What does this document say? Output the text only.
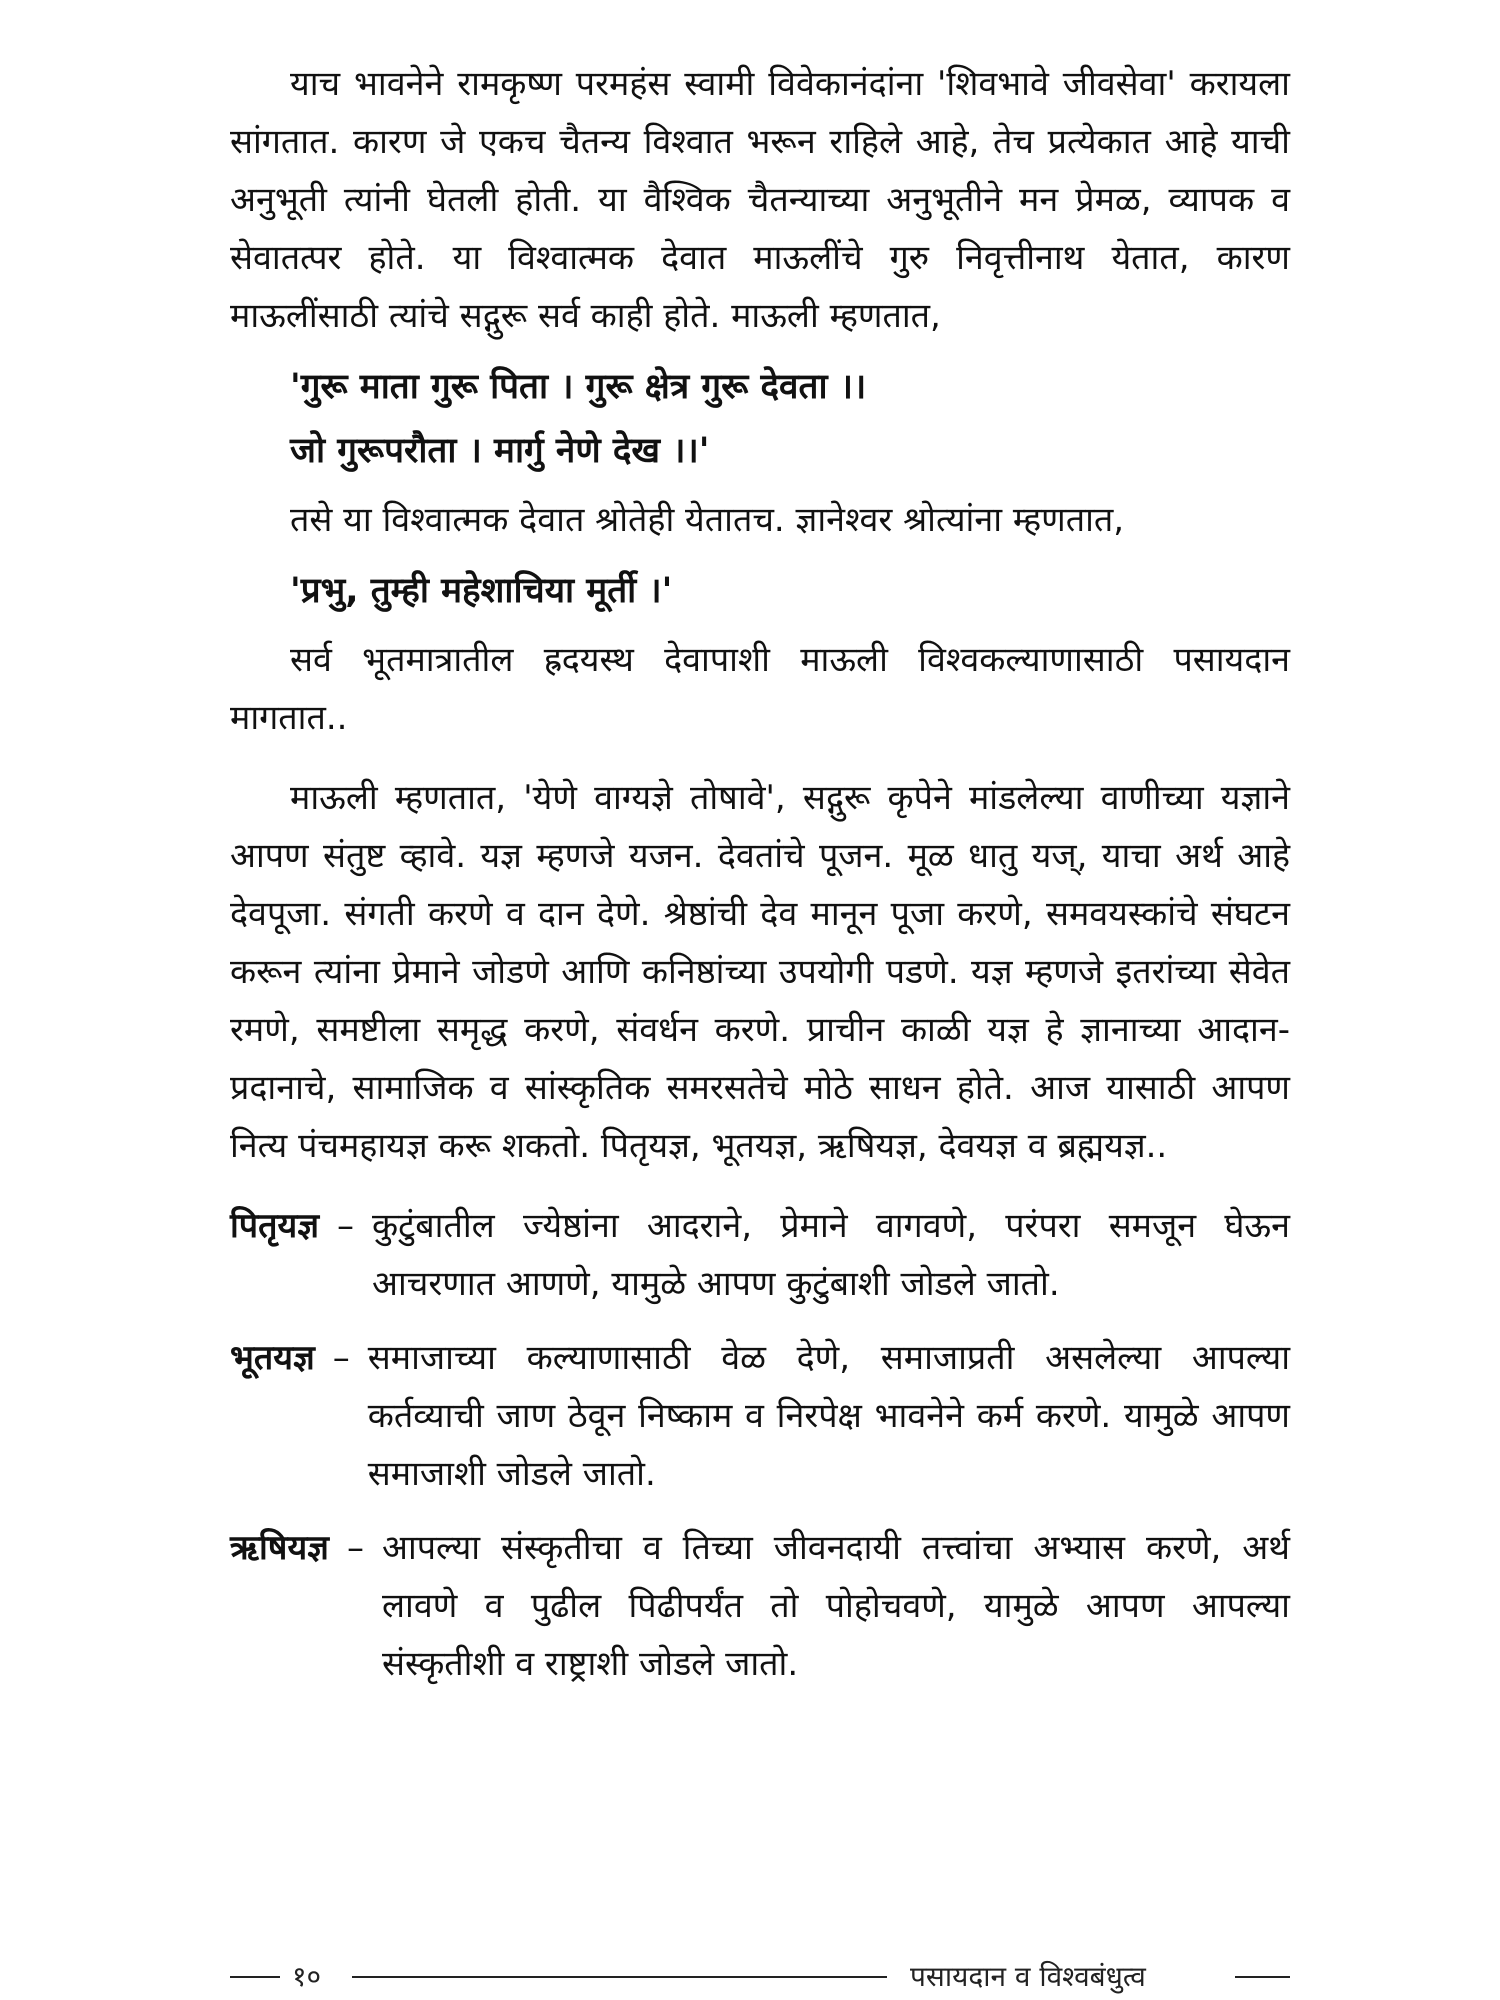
याच भावनेने रामकृष्ण परमहंस स्वामी विवेकानंदांना 'शिवभावे जीवसेवा' करायला सांगतात. कारण जे एकच चैतन्य विश्वात भरून राहिले आहे, तेच प्रत्येकात आहे याची अनुभूती त्यांनी घेतली होती. या वैश्विक चैतन्याच्या अनुभूतीने मन प्रेमळ, व्यापक व सेवातत्पर होते. या विश्वात्मक देवात माऊलींचे गुरु निवृत्तीनाथ येतात, कारण माऊलींसाठी त्यांचे सद्गुरू सर्व काही होते. माऊली म्हणतात,

'गुरू माता गुरू पिता । गुरू क्षेत्र गुरू देवता ।।
जो गुरूपरौता । मार्गु नेणे देख ।।'

तसे या विश्वात्मक देवात श्रोतेही येतातच. ज्ञानेश्वर श्रोत्यांना म्हणतात,

'प्रभु, तुम्ही महेशाचिया मूर्ती ।'

सर्व भूतमात्रातील ह्रदयस्थ देवापाशी माऊली विश्वकल्याणासाठी पसायदान मागतात..

माऊली म्हणतात, 'येणे वाग्यज्ञे तोषावे', सद्गुरू कृपेने मांडलेल्या वाणीच्या यज्ञाने आपण संतुष्ट व्हावे. यज्ञ म्हणजे यजन. देवतांचे पूजन. मूळ धातु यज्, याचा अर्थ आहे देवपूजा. संगती करणे व दान देणे. श्रेष्ठांची देव मानून पूजा करणे, समवयस्कांचे संघटन करून त्यांना प्रेमाने जोडणे आणि कनिष्ठांच्या उपयोगी पडणे. यज्ञ म्हणजे इतरांच्या सेवेत रमणे, समष्टीला समृद्ध करणे, संवर्धन करणे. प्राचीन काळी यज्ञ हे ज्ञानाच्या आदान-प्रदानाचे, सामाजिक व सांस्कृतिक समरसतेचे मोठे साधन होते. आज यासाठी आपण नित्य पंचमहायज्ञ करू शकतो. पितृयज्ञ, भूतयज्ञ, ऋषियज्ञ, देवयज्ञ व ब्रह्मयज्ञ..

पितृयज्ञ – कुटुंबातील ज्येष्ठांना आदराने, प्रेमाने वागवणे, परंपरा समजून घेऊन आचरणात आणणे, यामुळे आपण कुटुंबाशी जोडले जातो.
भूतयज्ञ – समाजाच्या कल्याणासाठी वेळ देणे, समाजाप्रती असलेल्या आपल्या कर्तव्याची जाण ठेवून निष्काम व निरपेक्ष भावनेने कर्म करणे. यामुळे आपण समाजाशी जोडले जातो.
ऋषियज्ञ – आपल्या संस्कृतीचा व तिच्या जीवनदायी तत्त्वांचा अभ्यास करणे, अर्थ लावणे व पुढील पिढीपर्यंत तो पोहोचवणे, यामुळे आपण आपल्या संस्कृतीशी व राष्ट्राशी जोडले जातो.
१०	पसायदान व विश्वबंधुत्व
